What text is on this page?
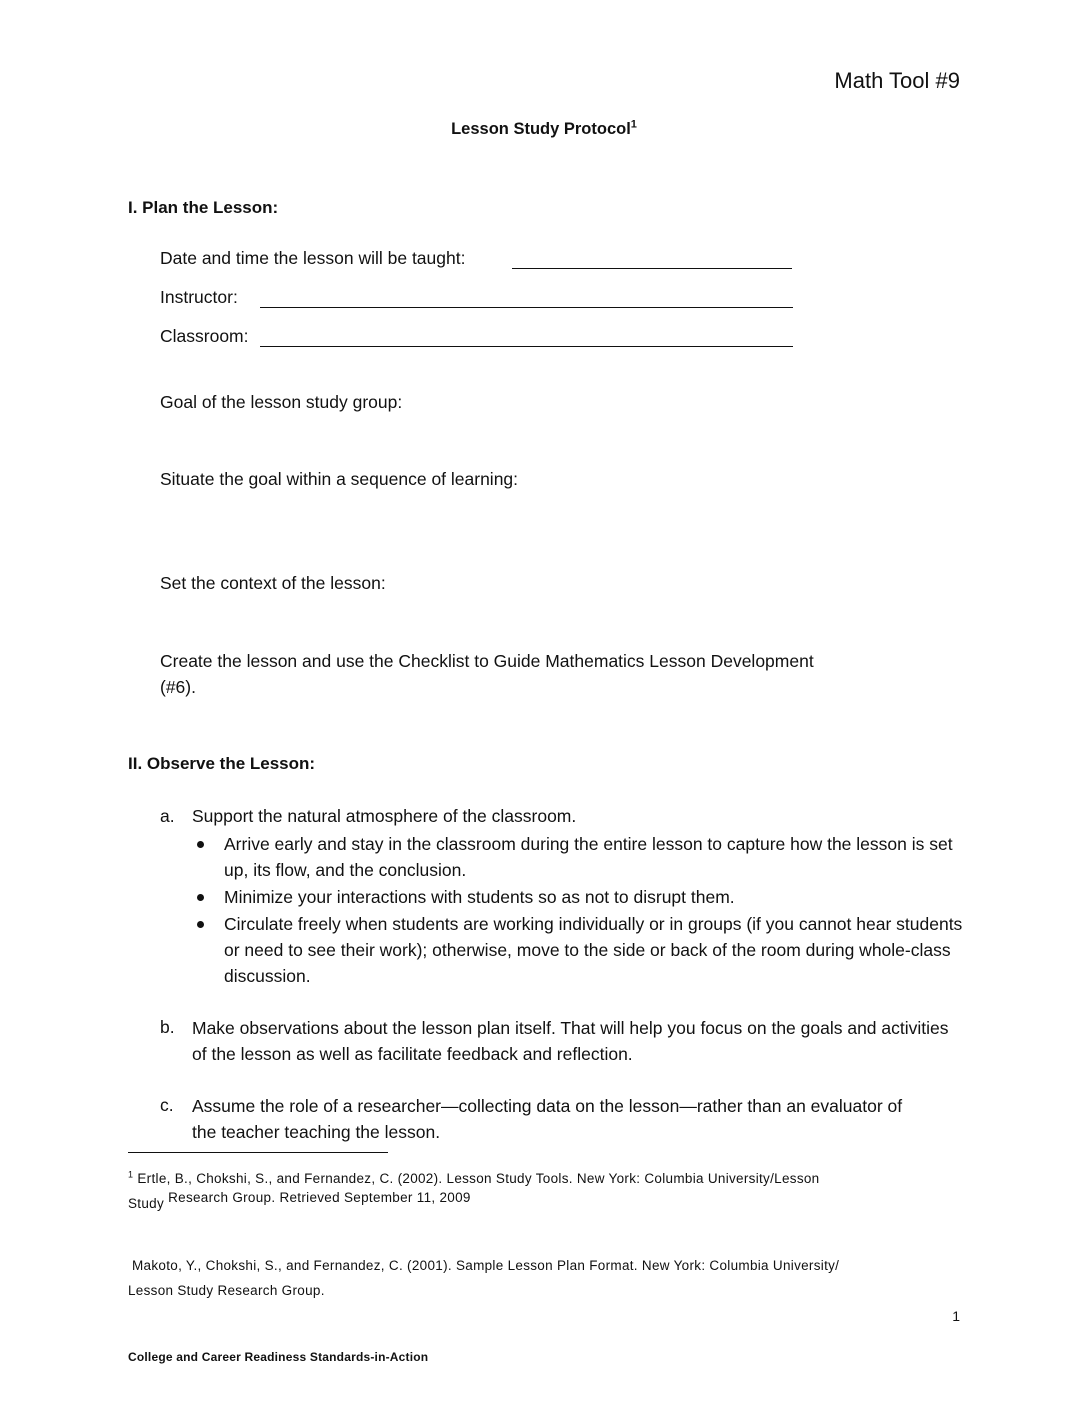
Math Tool #9
Lesson Study Protocol$^1$
I. Plan the Lesson:
Date and time the lesson will be taught:
Instructor:
Classroom:
Goal of the lesson study group:
Situate the goal within a sequence of learning:
Set the context of the lesson:
Create the lesson and use the Checklist to Guide Mathematics Lesson Development
(#6).
II. Observe the Lesson:
a. Support the natural atmosphere of the classroom.
Arrive early and stay in the classroom during the entire lesson to capture how the lesson is set up, its flow, and the conclusion.
Minimize your interactions with students so as not to disrupt them.
Circulate freely when students are working individually or in groups (if you cannot hear students or need to see their work); otherwise, move to the side or back of the room during whole-class discussion.
b. Make observations about the lesson plan itself. That will help you focus on the goals and activities of the lesson as well as facilitate feedback and reflection.
c. Assume the role of a researcher—collecting data on the lesson—rather than an evaluator of the teacher teaching the lesson.
$^1$ Ertle, B., Chokshi, S., and Fernandez, C. (2002). Lesson Study Tools. New York: Columbia University/Lesson
Study Research Group. Retrieved September 11, 2009
Makoto, Y., Chokshi, S., and Fernandez, C. (2001). Sample Lesson Plan Format. New York: Columbia University/
Lesson Study Research Group.
1
College and Career Readiness Standards-in-Action
